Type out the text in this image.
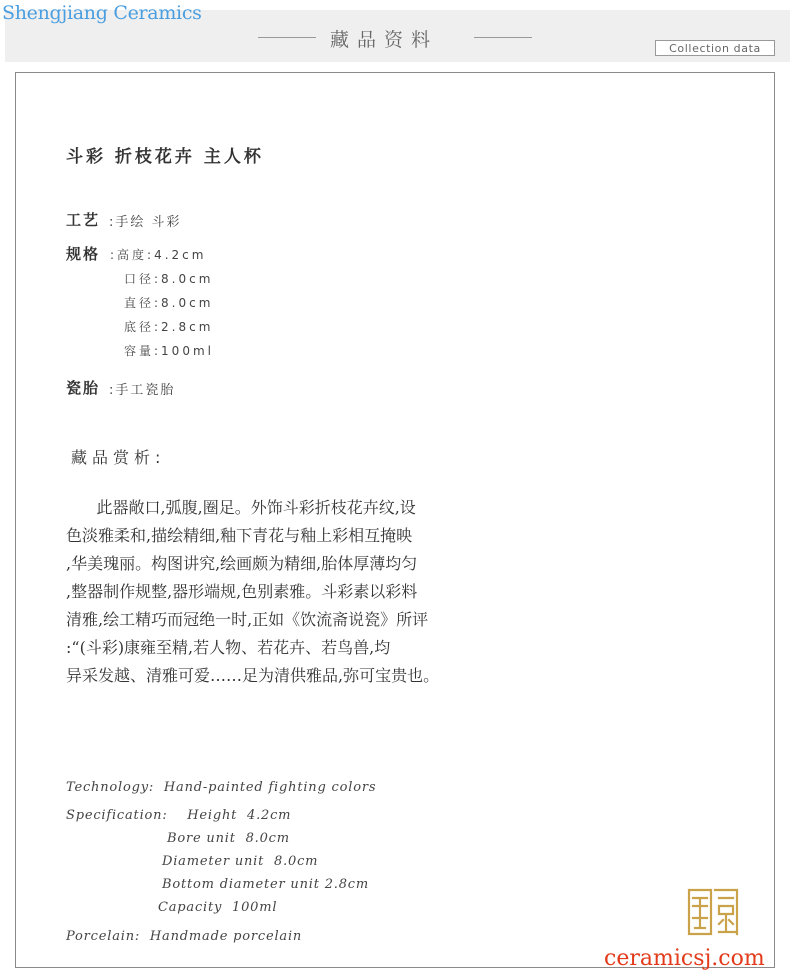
Shengjiang Ceramics
藏品资料	Collection data
斗彩 折枝花卉 主人杯
工艺 :手绘 斗彩
规格 :高度:4.2cm
口径:8.0cm
直径:8.0cm
底径:2.8cm
容量:100ml
瓷胎 :手工瓷胎
藏品赏析:

此器敞口,弧腹,圈足。外饰斗彩折枝花卉纹,设

色淡雅柔和,描绘精细,釉下青花与釉上彩相互掩映

,华美瑰丽。构图讲究,绘画颇为精细,胎体厚薄均匀

,整器制作规整,器形端规,色别素雅。斗彩素以彩料

清雅,绘工精巧而冠绝一时,正如《饮流斋说瓷》所评

:“(斗彩)康雍至精,若人物、若花卉、若鸟兽,均

异采发越、清雅可爱……足为清供雅品,弥可宝贵也。

Technology:  Hand-painted fighting colors
Specification:    Height  4.2cm
Bore unit  8.0cm
Diameter unit  8.0cm
Bottom diameter unit 2.8cm
Capacity  100ml
Porcelain:  Handmade porcelain
ceramicsj.com
